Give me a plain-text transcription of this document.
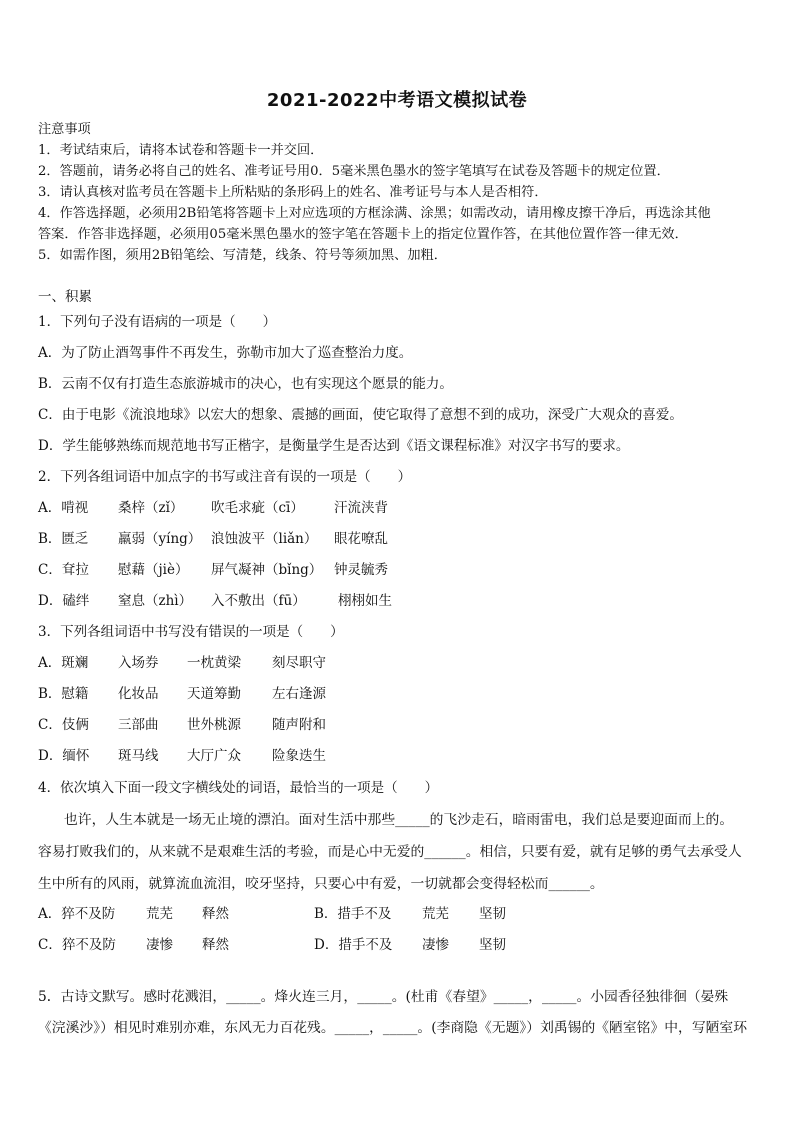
2021-2022中考语文模拟试卷
注意事项
1．考试结束后，请将本试卷和答题卡一并交回．
2．答题前，请务必将自己的姓名、准考证号用0．5毫米黑色墨水的签字笔填写在试卷及答题卡的规定位置．
3．请认真核对监考员在答题卡上所粘贴的条形码上的姓名、准考证号与本人是否相符．
4．作答选择题，必须用2B铅笔将答题卡上对应选项的方框涂满、涂黑；如需改动，请用橡皮擦干净后，再选涂其他
答案．作答非选择题，必须用05毫米黑色墨水的签字笔在答题卡上的指定位置作答，在其他位置作答一律无效．
5．如需作图，须用2B铅笔绘、写清楚，线条、符号等须加黑、加粗．
一、积累
1．下列句子没有语病的一项是（　　）
A．为了防止酒驾事件不再发生，弥勒市加大了巡查整治力度。
B．云南不仅有打造生态旅游城市的决心，也有实现这个愿景的能力。
C．由于电影《流浪地球》以宏大的想象、震撼的画面，使它取得了意想不到的成功，深受广大观众的喜爱。
D．学生能够熟练而规范地书写正楷字，是衡量学生是否达到《语文课程标准》对汉字书写的要求。
2．下列各组词语中加点字的书写或注音有误的一项是（　　）
A．啃视 桑梓（zǐ） 吹毛求疵（cī） 汗流浃背
B．匮乏 羸弱（yíng） 浪蚀波平（liǎn） 眼花嘹乱
C．耷拉 慰藉（jiè） 屏气凝神（bǐng） 钟灵毓秀
D．磕绊 窒息（zhì） 入不敷出（fū） 栩栩如生
3．下列各组词语中书写没有错误的一项是（　　）
A．斑斓 入场券 一枕黄梁 刻尽职守
B．慰籍 化妆品 天道筹勤 左右逢源
C．伎俩 三部曲 世外桃源 随声附和
D．缅怀 斑马线 大厅广众 险象迭生
4．依次填入下面一段文字横线处的词语，最恰当的一项是（　　）
也许，人生本就是一场无止境的漂泊。面对生活中那些_____的飞沙走石，暗雨雷电，我们总是要迎面而上的。
容易打败我们的，从来就不是艰难生活的考验，而是心中无爱的______。相信，只要有爱，就有足够的勇气去承受人
生中所有的风雨，就算流血流泪，咬牙坚持，只要心中有爱，一切就都会变得轻松而______。
A．猝不及防 荒芜 释然	B．措手不及 荒芜 坚韧
C．猝不及防 凄惨 释然	D．措手不及 凄惨 坚韧
5．古诗文默写。感时花溅泪，_____。烽火连三月，_____。(杜甫《春望》_____，_____。小园香径独徘徊（晏殊
《浣溪沙》）相见时难别亦难，东风无力百花残。_____，_____。(李商隐《无题》）刘禹锡的《陋室铭》中，写陋室环
